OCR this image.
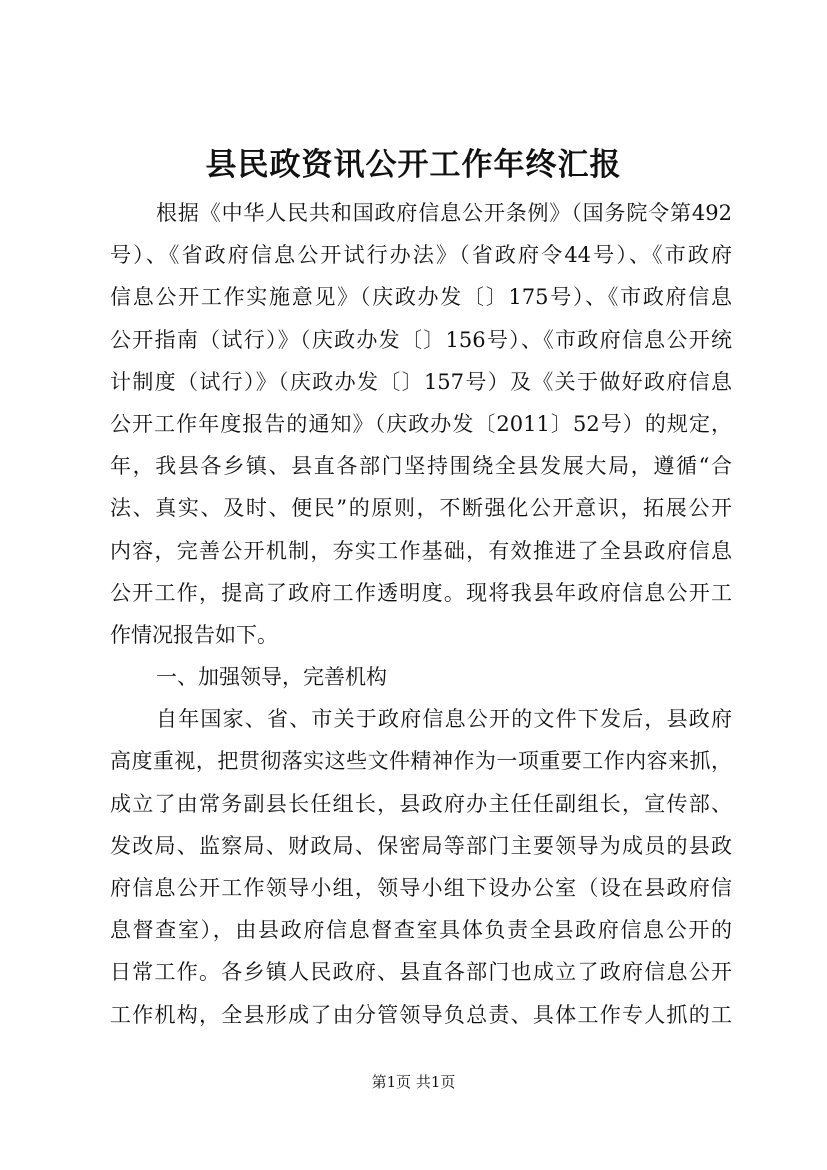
县民政资讯公开工作年终汇报
根据《中华人民共和国政府信息公开条例》（国务院令第492
号）、《省政府信息公开试行办法》（省政府令44号）、《市政府
信息公开工作实施意见》（庆政办发〔〕175号）、《市政府信息
公开指南（试行）》（庆政办发〔〕156号）、《市政府信息公开统
计制度（试行）》（庆政办发〔〕157号）及《关于做好政府信息
公开工作年度报告的通知》（庆政办发〔2011〕52号）的规定，
年，我县各乡镇、县直各部门坚持围绕全县发展大局，遵循“合
法、真实、及时、便民”的原则，不断强化公开意识，拓展公开
内容，完善公开机制，夯实工作基础，有效推进了全县政府信息
公开工作，提高了政府工作透明度。现将我县年政府信息公开工
作情况报告如下。
一、加强领导，完善机构
自年国家、省、市关于政府信息公开的文件下发后，县政府
高度重视，把贯彻落实这些文件精神作为一项重要工作内容来抓，
成立了由常务副县长任组长，县政府办主任任副组长，宣传部、
发改局、监察局、财政局、保密局等部门主要领导为成员的县政
府信息公开工作领导小组，领导小组下设办公室（设在县政府信
息督查室），由县政府信息督查室具体负责全县政府信息公开的
日常工作。各乡镇人民政府、县直各部门也成立了政府信息公开
工作机构，全县形成了由分管领导负总责、具体工作专人抓的工
第1页 共1页
